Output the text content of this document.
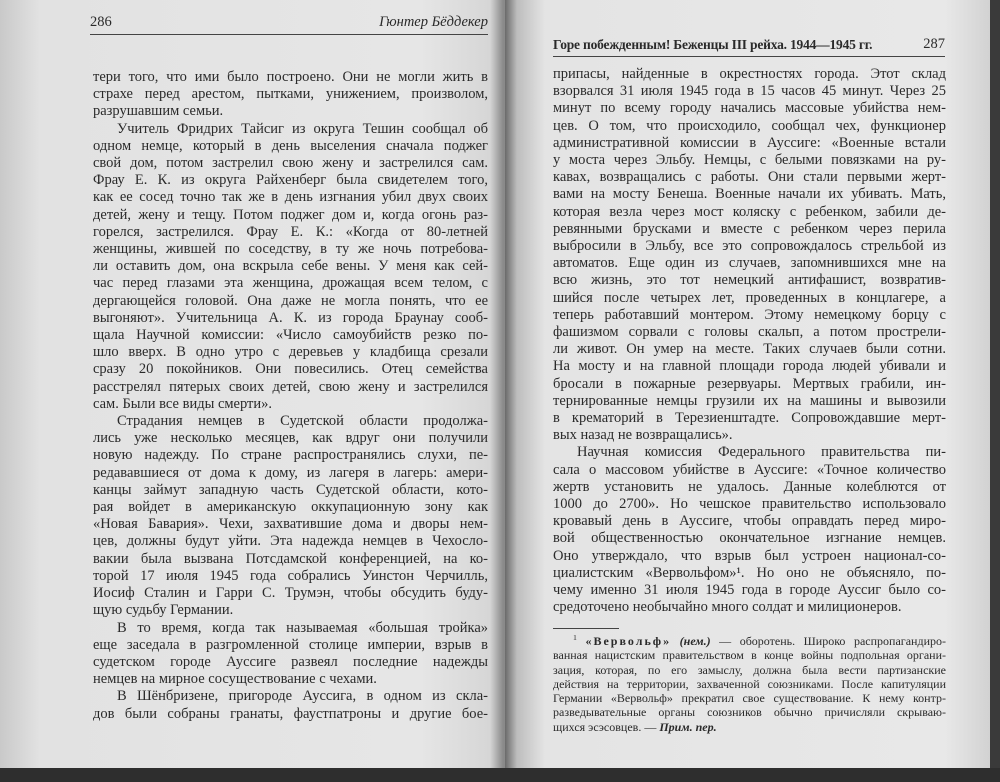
286	Гюнтер Бёддекер
тери того, что ими было построено. Они не могли жить в
страхе перед арестом, пытками, унижением, произволом,
разрушавшим семьи.
Учитель Фридрих Тайсиг из округа Тешин сообщал об
одном немце, который в день выселения сначала поджег
свой дом, потом застрелил свою жену и застрелился сам.
Фрау Е. К. из округа Райхенберг была свидетелем того,
как ее сосед точно так же в день изгнания убил двух своих
детей, жену и тещу. Потом поджег дом и, когда огонь раз-
горелся, застрелился. Фрау Е. К.: «Когда от 80-летней
женщины, жившей по соседству, в ту же ночь потребова-
ли оставить дом, она вскрыла себе вены. У меня как сей-
час перед глазами эта женщина, дрожащая всем телом, с
дергающейся головой. Она даже не могла понять, что ее
выгоняют». Учительница А. К. из города Браунау сооб-
щала Научной комиссии: «Число самоубийств резко по-
шло вверх. В одно утро с деревьев у кладбища срезали
сразу 20 покойников. Они повесились. Отец семейства
расстрелял пятерых своих детей, свою жену и застрелился
сам. Были все виды смерти».
Страдания немцев в Судетской области продолжа-
лись уже несколько месяцев, как вдруг они получили
новую надежду. По стране распространялись слухи, пе-
редававшиеся от дома к дому, из лагеря в лагерь: амери-
канцы займут западную часть Судетской области, кото-
рая войдет в американскую оккупационную зону как
«Новая Бавария». Чехи, захватившие дома и дворы нем-
цев, должны будут уйти. Эта надежда немцев в Чехосло-
вакии была вызвана Потсдамской конференцией, на ко-
торой 17 июля 1945 года собрались Уинстон Черчилль,
Иосиф Сталин и Гарри С. Трумэн, чтобы обсудить буду-
щую судьбу Германии.
В то время, когда так называемая «большая тройка»
еще заседала в разгромленной столице империи, взрыв в
судетском городе Аусcиге развеял последние надежды
немцев на мирное сосуществование с чехами.
В Шёнбризене, пригороде Аусcига, в одном из скла-
дов были собраны гранаты, фаустпатроны и другие бое-
Горе побежденным! Беженцы III рейха. 1944—1945 гг.	287
припасы, найденные в окрестностях города. Этот склад
взорвался 31 июля 1945 года в 15 часов 45 минут. Через 25
минут по всему городу начались массовые убийства нем-
цев. О том, что происходило, сообщал чех, функционер
административной комиссии в Аусcиге: «Военные встали
у моста через Эльбу. Немцы, с белыми повязками на ру-
кавах, возвращались с работы. Они стали первыми жерт-
вами на мосту Бенеша. Военные начали их убивать. Мать,
которая везла через мост коляску с ребенком, забили де-
ревянными брусками и вместе с ребенком через перила
выбросили в Эльбу, все это сопровождалось стрельбой из
автоматов. Еще один из случаев, запомнившихся мне на
всю жизнь, это тот немецкий антифашист, возвратив-
шийся после четырех лет, проведенных в концлагере, а
теперь работавший монтером. Этому немецкому борцу с
фашизмом сорвали с головы скальп, а потом прострели-
ли живот. Он умер на месте. Таких случаев были сотни.
На мосту и на главной площади города людей убивали и
бросали в пожарные резервуары. Мертвых грабили, ин-
тернированные немцы грузили их на машины и вывозили
в крематорий в Терезиенштадте. Сопровождавшие мерт-
вых назад не возвращались».
Научная комиссия Федерального правительства пи-
сала о массовом убийстве в Аусcиге: «Точное количество
жертв установить не удалось. Данные колеблются от
1000 до 2700». Но чешское правительство использовало
кровавый день в Аусcиге, чтобы оправдать перед миро-
вой общественностью окончательное изгнание немцев.
Оно утверждало, что взрыв был устроен национал-со-
циалистским «Вервольфом»¹. Но оно не объясняло, по-
чему именно 31 июля 1945 года в городе Аусcиг было со-
средоточено необычайно много солдат и милиционеров.
$^1$ «Вервольф» (нем.) — оборотень. Широко распропагандиро-
ванная нацистским правительством в конце войны подпольная органи-
зация, которая, по его замыслу, должна была вести партизанские
действия на территории, захваченной союзниками. После капитуляции
Германии «Вервольф» прекратил свое существование. К нему контр-
разведывательные органы союзников обычно причисляли скрываю-
щихся эсэсовцев. — Прим. пер.
